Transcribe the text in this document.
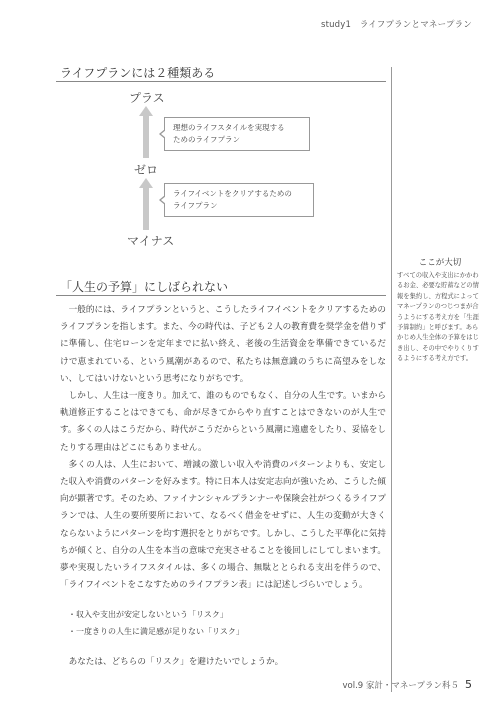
study1　ライフプランとマネープラン
ライフプランには２種類ある
プラス
ゼロ
マイナス
理想のライフスタイルを実現する
ためのライフプラン
ライフイベントをクリアするための
ライフプラン
「人生の予算」にしばられない

一般的には、ライフプランというと、こうしたライフイベントをクリアするためのライフプランを指します。また、今の時代は、子ども２人の教育費を奨学金を借りずに準備し、住宅ローンを定年までに払い終え、老後の生活資金を準備できているだけで恵まれている、という風潮があるので、私たちは無意識のうちに高望みをしない、してはいけないという思考になりがちです。

しかし、人生は一度きり。加えて、誰のものでもなく、自分の人生です。いまから軌道修正することはできても、命が尽きてからやり直すことはできないのが人生です。多くの人はこうだから、時代がこうだからという風潮に遠慮をしたり、妥協をしたりする理由はどこにもありません。

多くの人は、人生において、増減の激しい収入や消費のパターンよりも、安定した収入や消費のパターンを好みます。特に日本人は安定志向が強いため、こうした傾向が顕著です。そのため、ファイナンシャルプランナーや保険会社がつくるライフプランでは、人生の要所要所において、なるべく借金をせずに、人生の変動が大きくならないようにパターンを均す選択をとりがちです。しかし、こうした平準化に気持ちが傾くと、自分の人生を本当の意味で充実させることを後回しにしてしまいます。夢や実現したいライフスタイルは、多くの場合、無駄ととられる支出を伴うので、「ライフイベントをこなすためのライフプラン表」には記述しづらいでしょう。

・収入や支出が安定しないという「リスク」
・一度きりの人生に満足感が足りない「リスク」

あなたは、どちらの「リスク」を避けたいでしょうか。

ここが大切
すべての収入や支出にかかわるお金、必要な貯蓄などの情報を集約し、方程式によってマネープランのつじつまが合うようにする考え方を「生涯予算制約」と呼びます。あらかじめ人生全体の予算をはじき出し、その中でやりくりするようにする考え方です。
vol.9 家計・マネープラン科５ 5
